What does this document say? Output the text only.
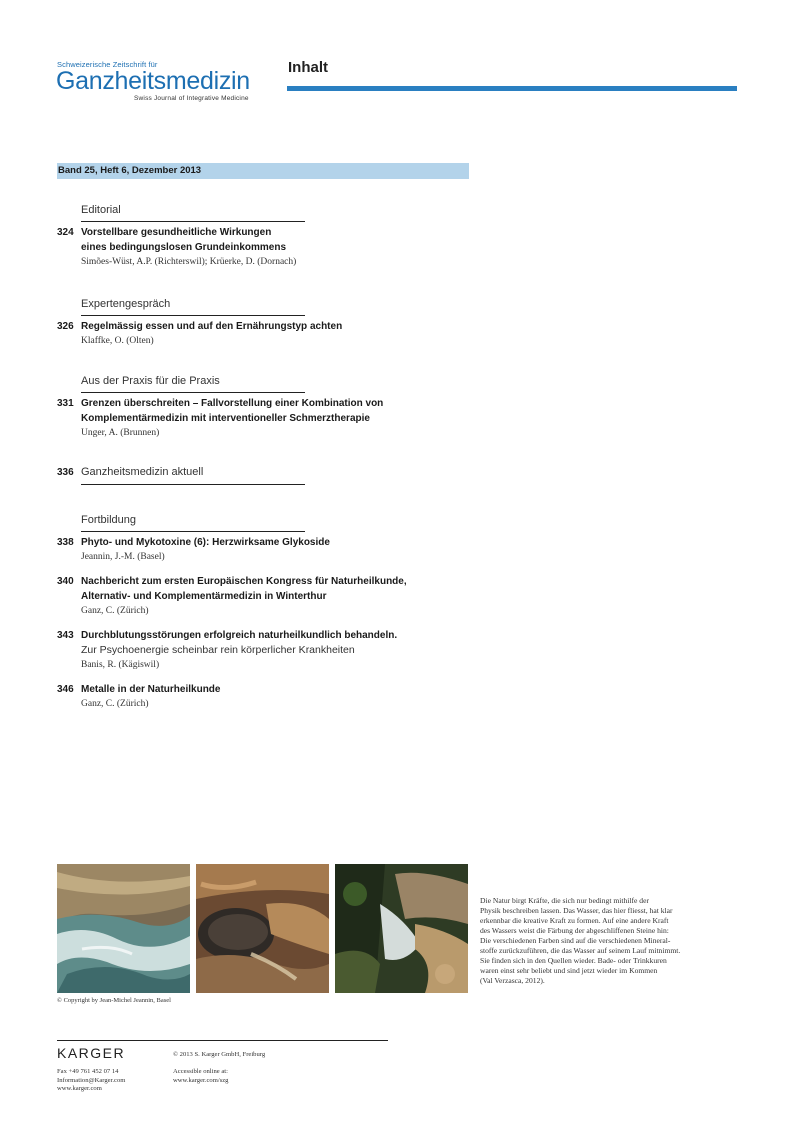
Schweizerische Zeitschrift für
Ganzheitsmedizin
Swiss Journal of Integrative Medicine
Inhalt
Band 25, Heft 6, Dezember 2013
Editorial
324 Vorstellbare gesundheitliche Wirkungen
eines bedingungslosen Grundeinkommens
Simões-Wüst, A.P. (Richterswil); Krüerke, D. (Dornach)
Expertengespräch
326 Regelmässig essen und auf den Ernährungstyp achten
Klaffke, O. (Olten)
Aus der Praxis für die Praxis
331 Grenzen überschreiten – Fallvorstellung einer Kombination von
Komplementärmedizin mit interventioneller Schmerztherapie
Unger, A. (Brunnen)
336 Ganzheitsmedizin aktuell
Fortbildung
338 Phyto- und Mykotoxine (6): Herzwirksame Glykoside
Jeannin, J.-M. (Basel)
340 Nachbericht zum ersten Europäischen Kongress für Naturheilkunde,
Alternativ- und Komplementärmedizin in Winterthur
Ganz, C. (Zürich)
343 Durchblutungsstörungen erfolgreich naturheilkundlich behandeln.
Zur Psychoenergie scheinbar rein körperlicher Krankheiten
Banis, R. (Kägiswil)
346 Metalle in der Naturheilkunde
Ganz, C. (Zürich)
© Copyright by Jean-Michel Jeannin, Basel
Die Natur birgt Kräfte, die sich nur bedingt mithilfe der
Physik beschreiben lassen. Das Wasser, das hier fliesst, hat klar
erkennbar die kreative Kraft zu formen. Auf eine andere Kraft
des Wassers weist die Färbung der abgeschliffenen Steine hin:
Die verschiedenen Farben sind auf die verschiedenen Mineral-
stoffe zurückzuführen, die das Wasser auf seinem Lauf mitnimmt.
Sie finden sich in den Quellen wieder. Bade- oder Trinkkuren
waren einst sehr beliebt und sind jetzt wieder im Kommen
(Val Verzasca, 2012).
KARGER
Fax +49 761 452 07 14
Information@Karger.com
www.karger.com
© 2013 S. Karger GmbH, Freiburg
Accessible online at:
www.karger.com/szg
